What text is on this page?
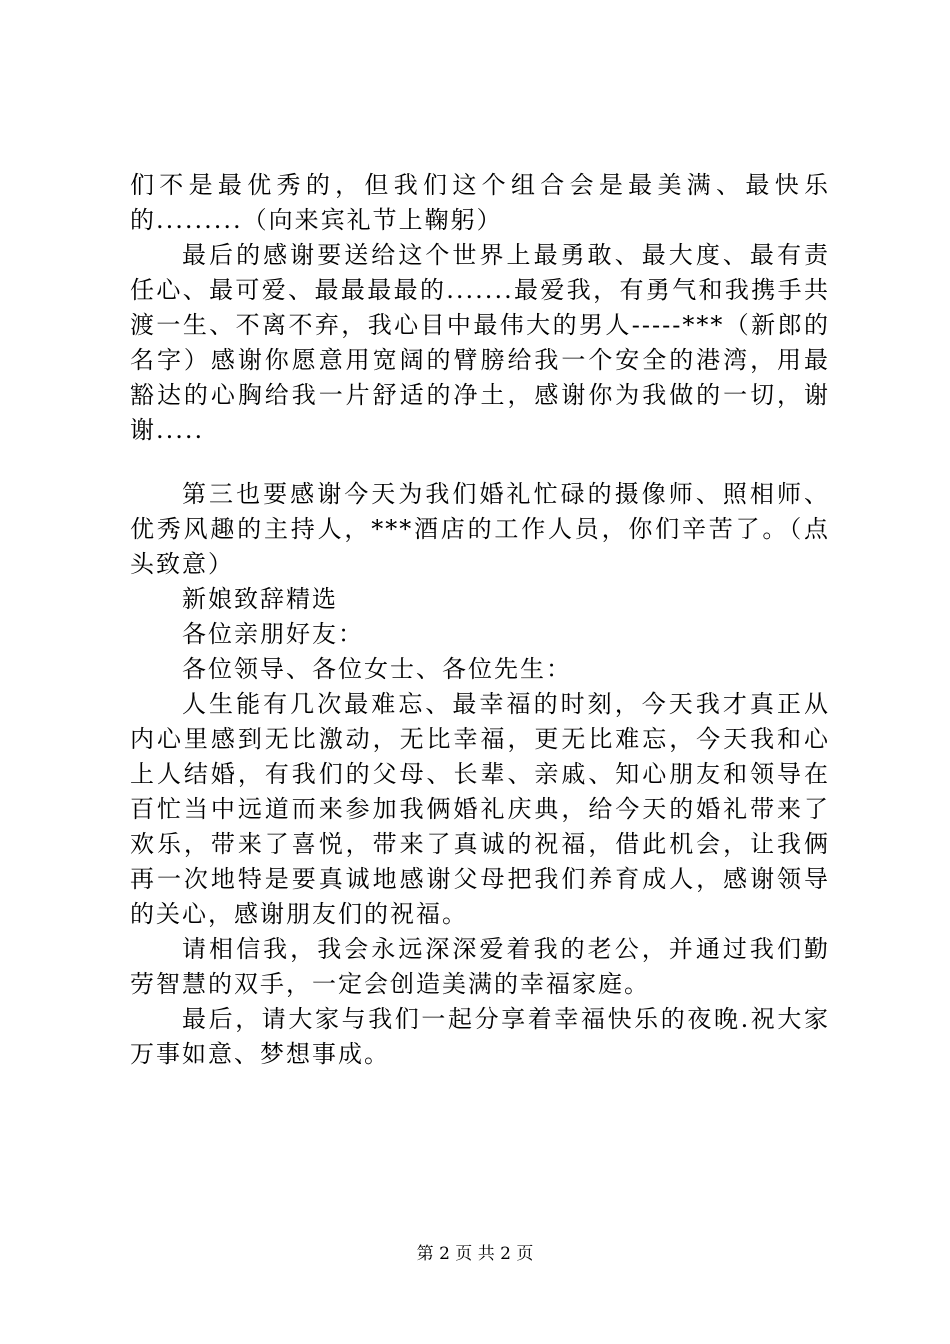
们不是最优秀的，但我们这个组合会是最美满、最快乐的.........（向来宾礼节上鞠躬）

最后的感谢要送给这个世界上最勇敢、最大度、最有责任心、最可爱、最最最最的.......最爱我，有勇气和我携手共渡一生、不离不弃，我心目中最伟大的男人-----***（新郎的名字）感谢你愿意用宽阔的臂膀给我一个安全的港湾，用最豁达的心胸给我一片舒适的净土，感谢你为我做的一切，谢谢.....

第三也要感谢今天为我们婚礼忙碌的摄像师、照相师、优秀风趣的主持人，***酒店的工作人员，你们辛苦了。（点头致意）

新娘致辞精选

各位亲朋好友：

各位领导、各位女士、各位先生：

人生能有几次最难忘、最幸福的时刻，今天我才真正从内心里感到无比激动，无比幸福，更无比难忘，今天我和心上人结婚，有我们的父母、长辈、亲戚、知心朋友和领导在百忙当中远道而来参加我俩婚礼庆典，给今天的婚礼带来了欢乐，带来了喜悦，带来了真诚的祝福，借此机会，让我俩再一次地特是要真诚地感谢父母把我们养育成人，感谢领导的关心，感谢朋友们的祝福。

请相信我，我会永远深深爱着我的老公，并通过我们勤劳智慧的双手，一定会创造美满的幸福家庭。

最后，请大家与我们一起分享着幸福快乐的夜晚.祝大家万事如意、梦想事成。

第 2 页 共 2 页
